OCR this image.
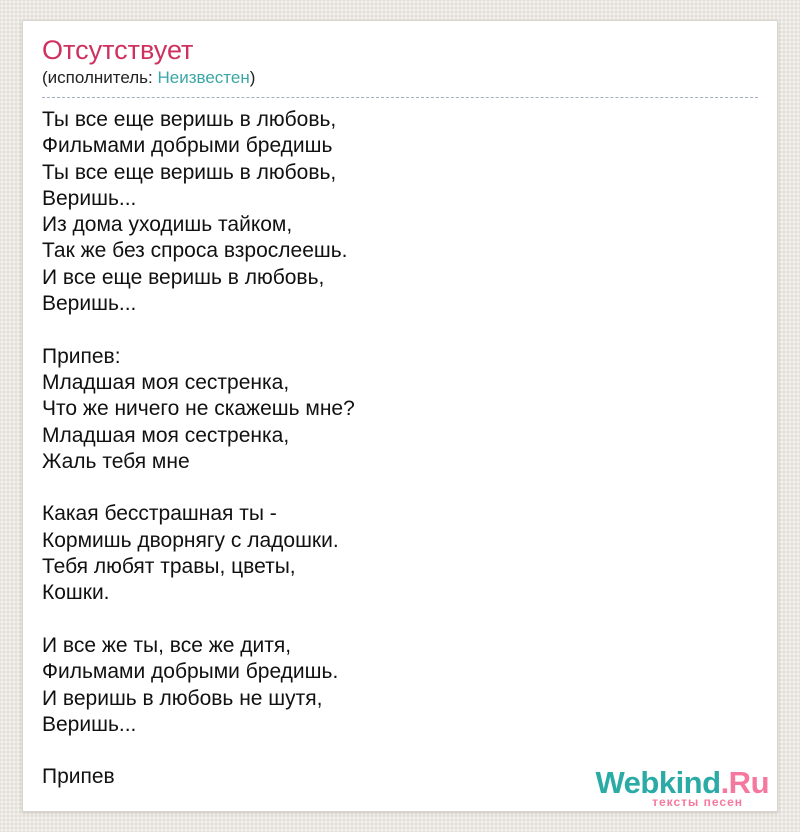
Отсутствует
(исполнитель: Неизвестен)
Ты все еще веришь в любовь,
Фильмами добрыми бредишь
Ты все еще веришь в любовь,
Веришь...
Из дома уходишь тайком,
Так же без спроса взрослеешь.
И все еще веришь в любовь,
Веришь...
Припев:
Младшая моя сестренка,
Что же ничего не скажешь мне?
Младшая моя сестренка,
Жаль тебя мне
Какая бесстрашная ты -
Кормишь дворнягу с ладошки.
Тебя любят травы, цветы,
Кошки.
И все же ты, все же дитя,
Фильмами добрыми бредишь.
И веришь в любовь не шутя,
Веришь...
Припев	Webkind.Ru
тексты песен
